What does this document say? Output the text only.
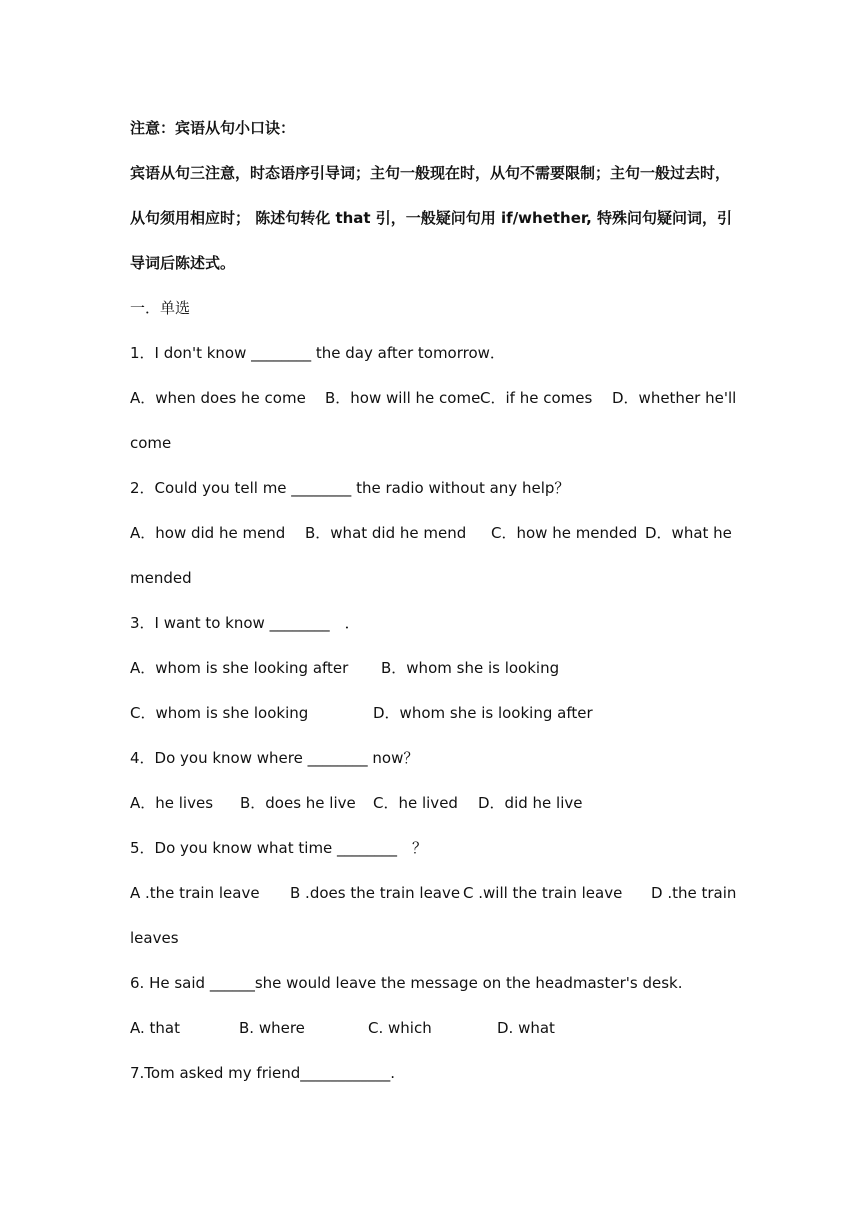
注意：宾语从句小口诀：
宾语从句三注意，时态语序引导词；主句一般现在时，从句不需要限制；主句一般过去时，
从句须用相应时； 陈述句转化 that 引，一般疑问句用 if/whether, 特殊问句疑问词，引
导词后陈述式。
一．单选
1．I don't know ________ the day after tomorrow．
A．when does he come B．how will he come C．if he comes D．whether he'll
come
2．Could you tell me ________ the radio without any help？
A．how did he mend B．what did he mend C．how he mended D．what he
mended
3．I want to know ________　．
A．whom is she looking after B．whom she is looking
C．whom is she looking	D．whom she is looking after
4．Do you know where ________ now？
A．he lives B．does he live C．he lived D．did he live
5．Do you know what time ________　？
A .the train leave B .does the train leave C .will the train leave D .the train
leaves
6. He said ______she would leave the message on the headmaster's desk.
A. that	B. where	C. which	D. what
7.Tom asked my friend____________.
